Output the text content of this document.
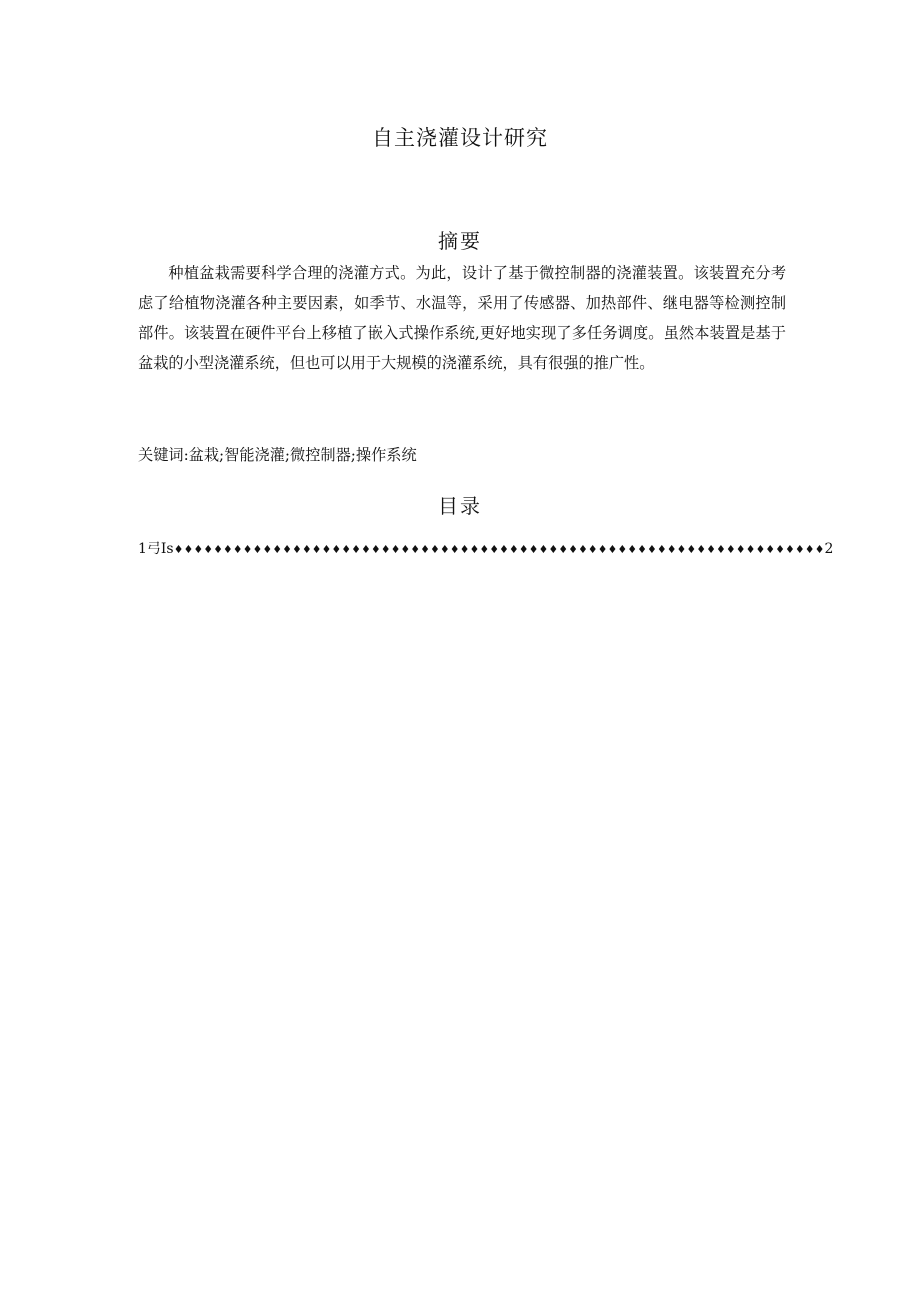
自主浇灌设计研究
摘要
种植盆栽需要科学合理的浇灌方式。为此，设计了基于微控制器的浇灌装置。该装置充分考虑了给植物浇灌各种主要因素，如季节、水温等，采用了传感器、加热部件、继电器等检测控制部件。该装置在硬件平台上移植了嵌入式操作系统,更好地实现了多任务调度。虽然本装置是基于盆栽的小型浇灌系统，但也可以用于大规模的浇灌系统，具有很强的推广性。
关键词:盆栽;智能浇灌;微控制器;操作系统
目录
1弓Is♦♦♦♦♦♦♦♦♦♦♦♦♦♦♦♦♦♦♦♦♦♦♦♦♦♦♦♦♦♦♦♦♦♦♦♦♦♦♦♦♦♦♦♦♦♦♦♦♦♦♦♦♦♦♦♦♦♦♦♦♦♦♦♦♦♦2
